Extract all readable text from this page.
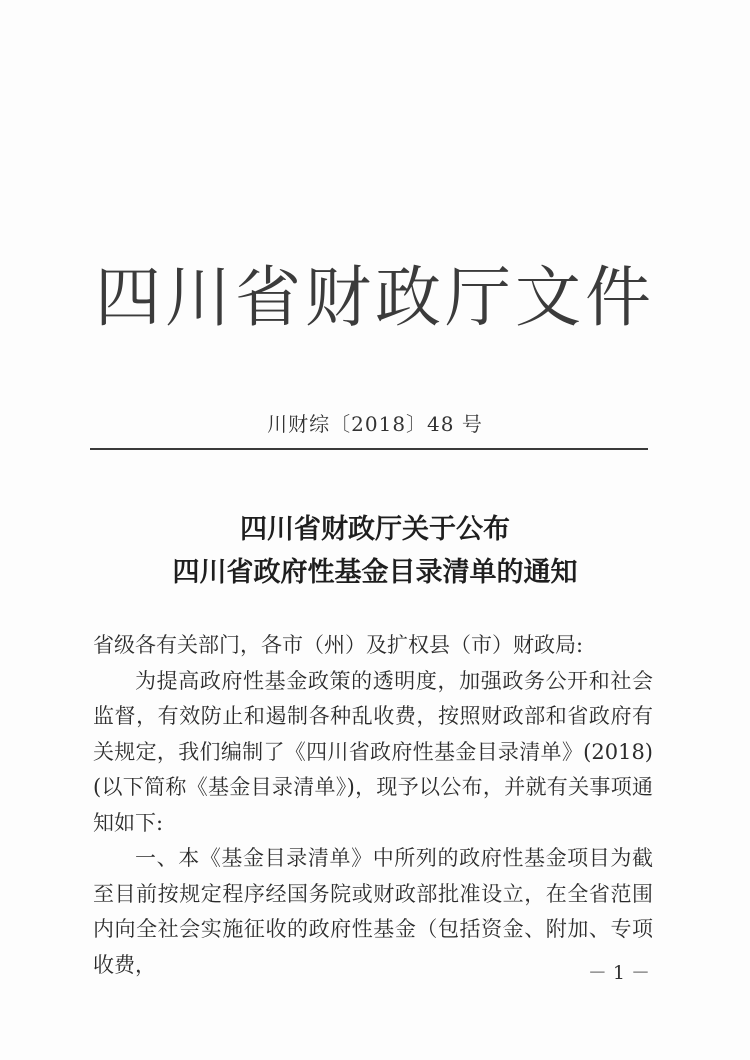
四川省财政厅文件
川财综〔2018〕48 号
四川省财政厅关于公布
四川省政府性基金目录清单的通知

省级各有关部门，各市（州）及扩权县（市）财政局:

为提高政府性基金政策的透明度，加强政务公开和社会监督，有效防止和遏制各种乱收费，按照财政部和省政府有关规定，我们编制了《四川省政府性基金目录清单》(2018)(以下简称《基金目录清单》)，现予以公布，并就有关事项通知如下:

一、本《基金目录清单》中所列的政府性基金项目为截至目前按规定程序经国务院或财政部批准设立，在全省范围内向全社会实施征收的政府性基金（包括资金、附加、专项收费，	－ 1 －
